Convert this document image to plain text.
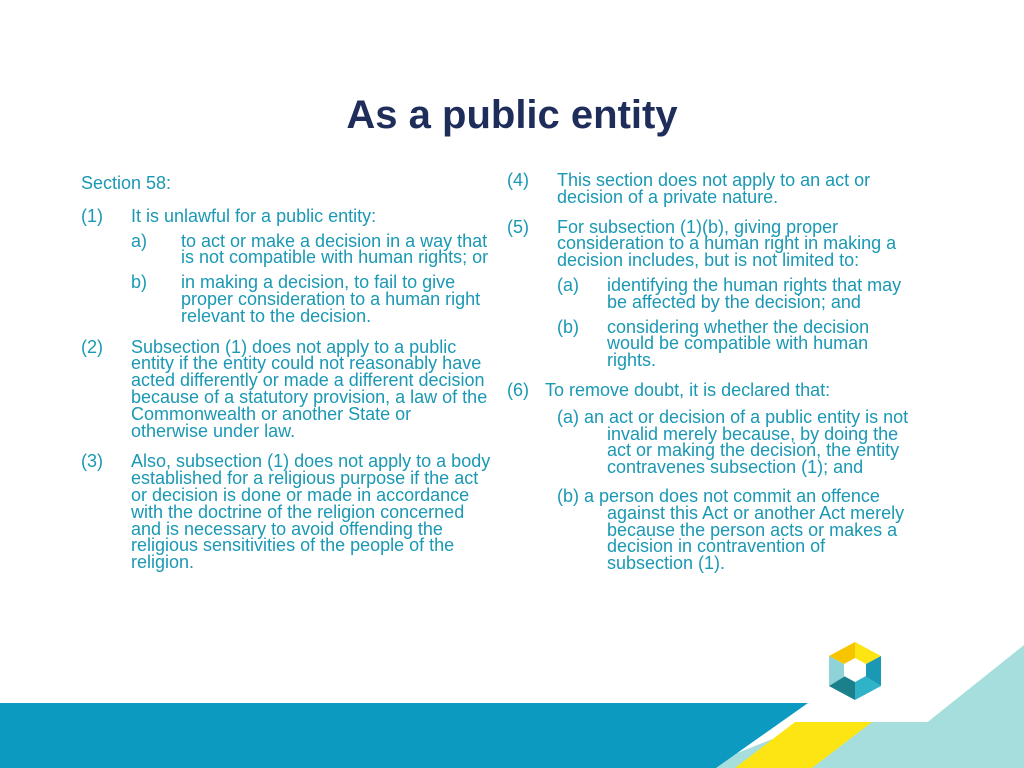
As a public entity

Section 58:

(1)	It is unlawful for a public entity:
a)	to act or make a decision in a way that is not compatible with human rights; or
b)	in making a decision, to fail to give proper consideration to a human right relevant to the decision.
(2)	Subsection (1) does not apply to a public entity if the entity could not reasonably have acted differently or made a different decision because of a statutory provision, a law of the Commonwealth or another State or otherwise under law.
(3)	Also, subsection (1) does not apply to a body established for a religious purpose if the act or decision is done or made in accordance with the doctrine of the religion concerned and is necessary to avoid offending the religious sensitivities of the people of the religion.
(4)	This section does not apply to an act or decision of a private nature.
(5)	For subsection (1)(b), giving proper consideration to a human right in making a decision includes, but is not limited to:
(a)	identifying the human rights that may be affected by the decision; and
(b)	considering whether the decision would be compatible with human rights.
(6) To remove doubt, it is declared that:

(a) an act or decision of a public entity is not invalid merely because, by doing the act or making the decision, the entity contravenes subsection (1); and

(b) a person does not commit an offence against this Act or another Act merely because the person acts or makes a decision in contravention of subsection (1).
